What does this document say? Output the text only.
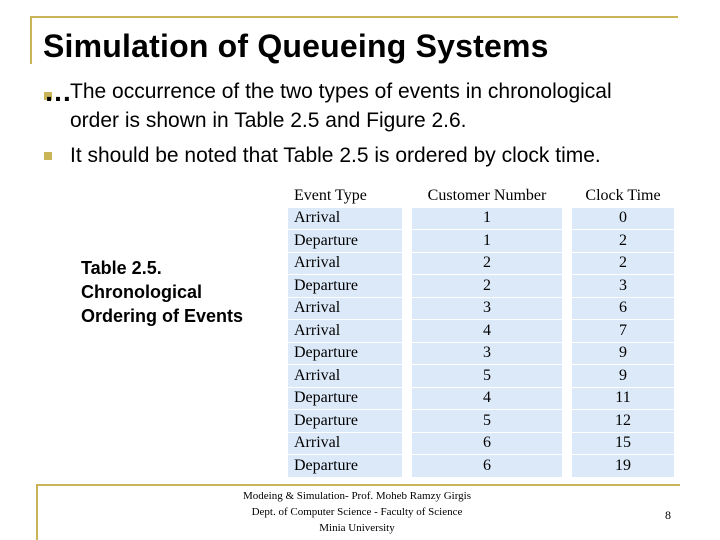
Simulation of Queueing Systems
… The occurrence of the two types of events in chronological
order is shown in Table 2.5 and Figure 2.6.
It should be noted that Table 2.5 is ordered by clock time.
Table 2.5. Chronological Ordering of Events
Event Type		Customer Number		Clock Time
Arrival		1		0
Departure		1		2
Arrival		2		2
Departure		2		3
Arrival		3		6
Arrival		4		7
Departure		3		9
Arrival		5		9
Departure		4		11
Departure		5		12
Arrival		6		15
Departure		6		19
Modeing & Simulation- Prof. Moheb Ramzy Girgis
Dept. of Computer Science - Faculty of Science
Minia University
8
